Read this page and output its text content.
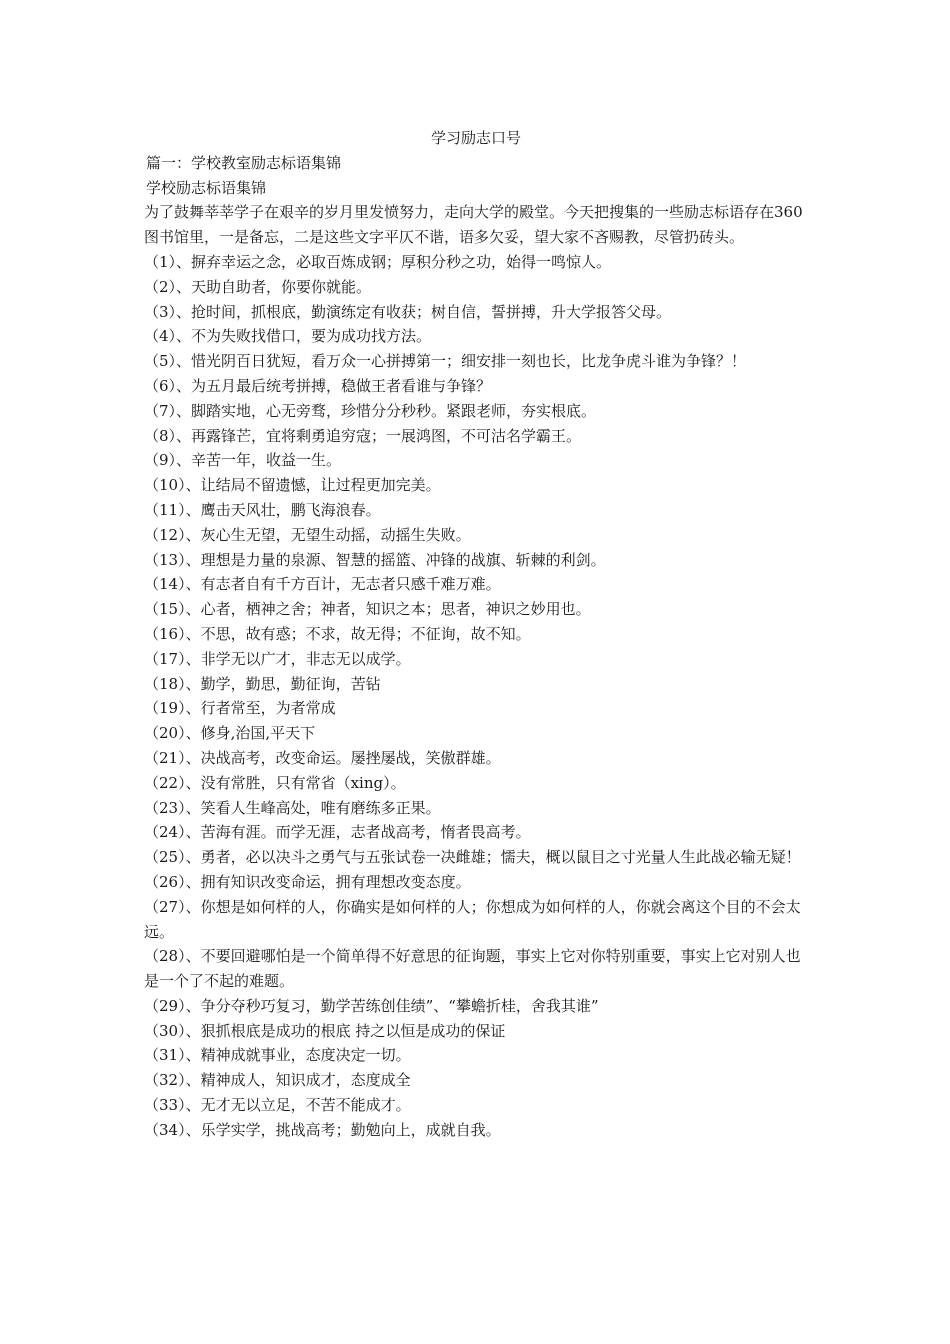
学习励志口号
篇一：学校教室励志标语集锦
学校励志标语集锦
为了鼓舞莘莘学子在艰辛的岁月里发愤努力，走向大学的殿堂。今天把搜集的一些励志标语存在360图书馆里，一是备忘，二是这些文字平仄不谐，语多欠妥，望大家不吝赐教，尽管扔砖头。
（1）、摒弃幸运之念，必取百炼成钢；厚积分秒之功，始得一鸣惊人。
（2）、天助自助者，你要你就能。
（3）、抢时间，抓根底，勤演练定有收获；树自信，誓拼搏，升大学报答父母。
（4）、不为失败找借口，要为成功找方法。
（5）、惜光阴百日犹短，看万众一心拼搏第一；细安排一刻也长，比龙争虎斗谁为争锋？！
（6）、为五月最后统考拼搏，稳做王者看谁与争锋？
（7）、脚踏实地，心无旁骛，珍惜分分秒秒。紧跟老师，夯实根底。
（8）、再露锋芒，宜将剩勇追穷寇；一展鸿图，不可沽名学霸王。
（9）、辛苦一年，收益一生。
（10）、让结局不留遗憾，让过程更加完美。
（11）、鹰击天风壮，鹏飞海浪春。
（12）、灰心生无望，无望生动摇，动摇生失败。
（13）、理想是力量的泉源、智慧的摇篮、冲锋的战旗、斩棘的利剑。
（14）、有志者自有千方百计，无志者只感千难万难。
（15）、心者，栖神之舍；神者，知识之本；思者，神识之妙用也。
（16）、不思，故有惑；不求，故无得；不征询，故不知。
（17）、非学无以广才，非志无以成学。
（18）、勤学，勤思，勤征询，苦钻
（19）、行者常至，为者常成
（20）、修身,治国,平天下
（21）、决战高考，改变命运。屡挫屡战，笑傲群雄。
（22）、没有常胜，只有常省（xing）。
（23）、笑看人生峰高处，唯有磨练多正果。
（24）、苦海有涯。而学无涯，志者战高考，惰者畏高考。
（25）、勇者，必以决斗之勇气与五张试卷一决雌雄；懦夫，概以鼠目之寸光量人生此战必输无疑！
（26）、拥有知识改变命运，拥有理想改变态度。
（27）、你想是如何样的人，你确实是如何样的人；你想成为如何样的人，你就会离这个目的不会太远。
（28）、不要回避哪怕是一个简单得不好意思的征询题，事实上它对你特别重要，事实上它对别人也是一个了不起的难题。
（29）、争分夺秒巧复习，勤学苦练创佳绩”、“攀蟾折桂，舍我其谁”
（30）、狠抓根底是成功的根底 持之以恒是成功的保证
（31）、精神成就事业，态度决定一切。
（32）、精神成人，知识成才，态度成全
（33）、无才无以立足，不苦不能成才。
（34）、乐学实学，挑战高考；勤勉向上，成就自我。
